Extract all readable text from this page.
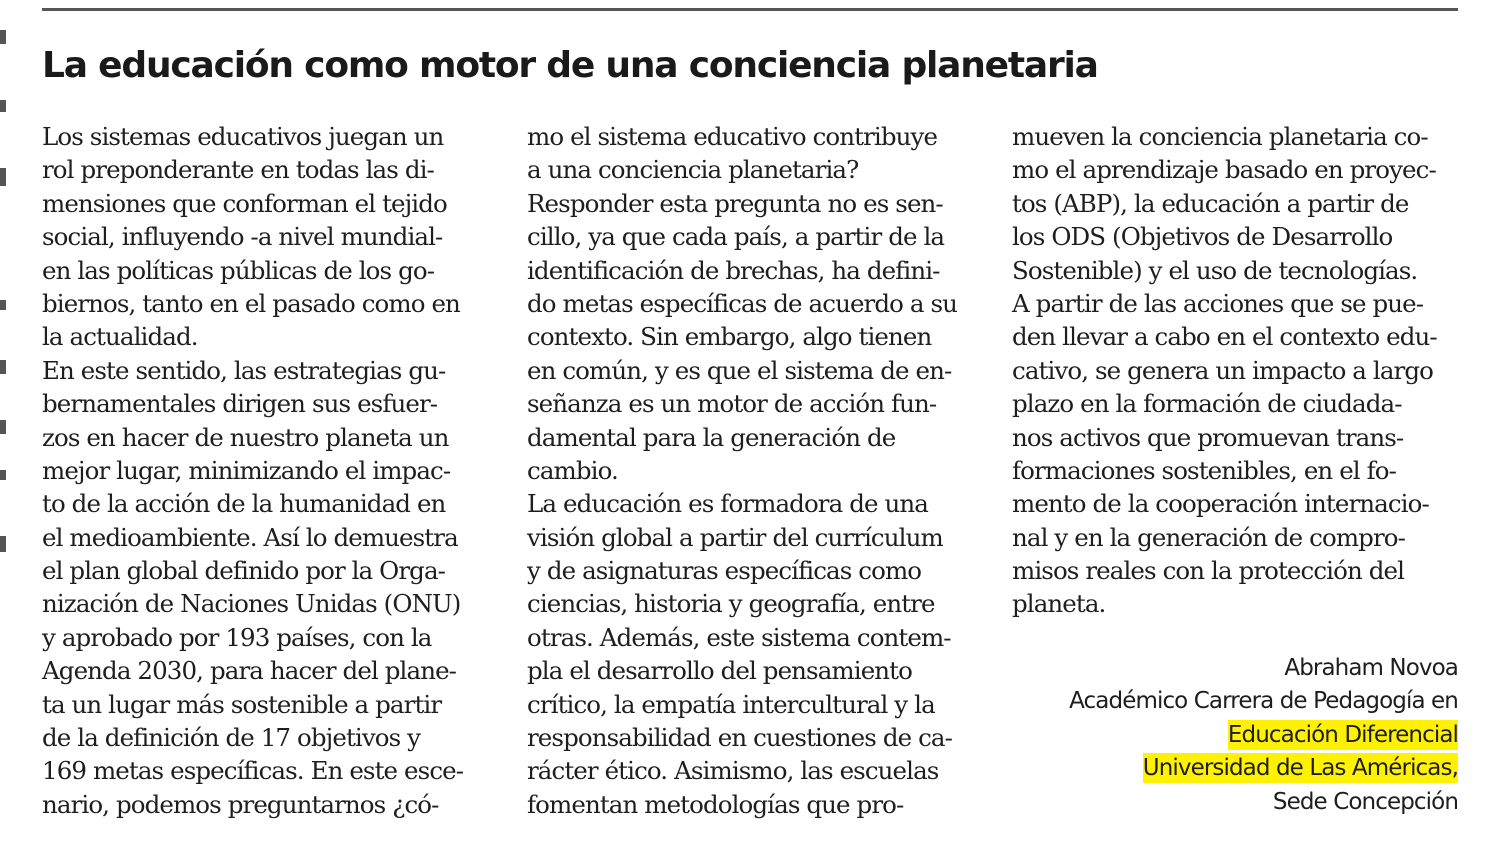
La educación como motor de una conciencia planetaria
Los sistemas educativos juegan un
rol preponderante en todas las di-
mensiones que conforman el tejido
social, influyendo -a nivel mundial-
en las políticas públicas de los go-
biernos, tanto en el pasado como en
la actualidad.
En este sentido, las estrategias gu-
bernamentales dirigen sus esfuer-
zos en hacer de nuestro planeta un
mejor lugar, minimizando el impac-
to de la acción de la humanidad en
el medioambiente. Así lo demuestra
el plan global definido por la Orga-
nización de Naciones Unidas (ONU)
y aprobado por 193 países, con la
Agenda 2030, para hacer del plane-
ta un lugar más sostenible a partir
de la definición de 17 objetivos y
169 metas específicas. En este esce-
nario, podemos preguntarnos ¿có-
mo el sistema educativo contribuye
a una conciencia planetaria?
Responder esta pregunta no es sen-
cillo, ya que cada país, a partir de la
identificación de brechas, ha defini-
do metas específicas de acuerdo a su
contexto. Sin embargo, algo tienen
en común, y es que el sistema de en-
señanza es un motor de acción fun-
damental para la generación de
cambio.
La educación es formadora de una
visión global a partir del currículum
y de asignaturas específicas como
ciencias, historia y geografía, entre
otras. Además, este sistema contem-
pla el desarrollo del pensamiento
crítico, la empatía intercultural y la
responsabilidad en cuestiones de ca-
rácter ético. Asimismo, las escuelas
fomentan metodologías que pro-
mueven la conciencia planetaria co-
mo el aprendizaje basado en proyec-
tos (ABP), la educación a partir de
los ODS (Objetivos de Desarrollo
Sostenible) y el uso de tecnologías.
A partir de las acciones que se pue-
den llevar a cabo en el contexto edu-
cativo, se genera un impacto a largo
plazo en la formación de ciudada-
nos activos que promuevan trans-
formaciones sostenibles, en el fo-
mento de la cooperación internacio-
nal y en la generación de compro-
misos reales con la protección del
planeta.
Abraham Novoa
Académico Carrera de Pedagogía en
Educación Diferencial
Universidad de Las Américas,
Sede Concepción
